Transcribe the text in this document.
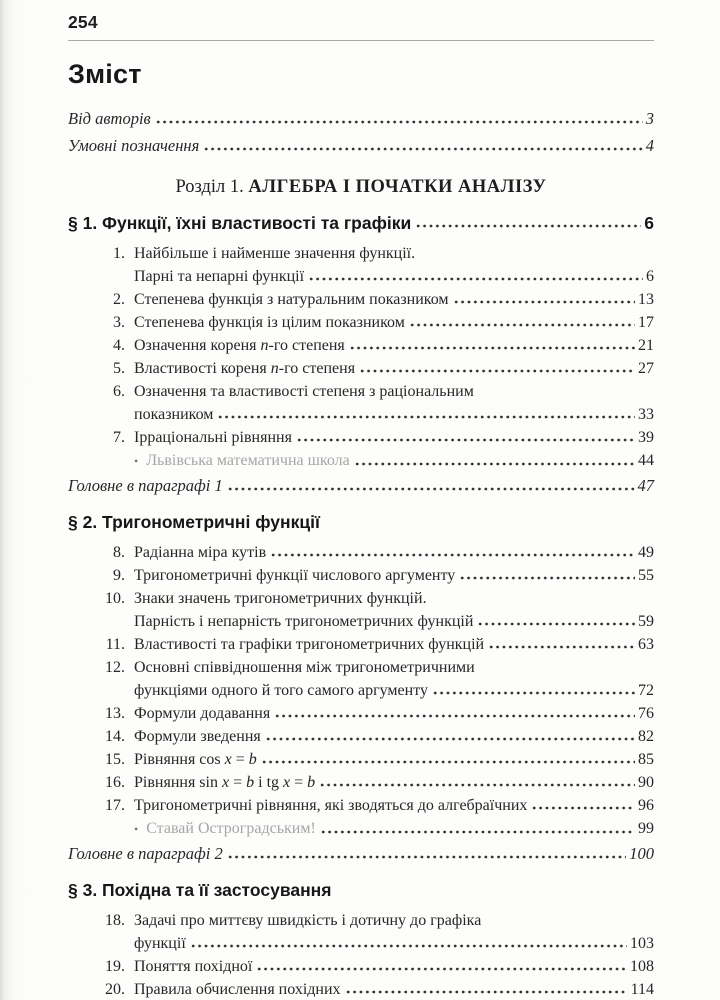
254
Зміст
Від авторів	3
Умовні позначення	4
Розділ 1. АЛГЕБРА І ПОЧАТКИ АНАЛІЗУ
§ 1. Функції, їхні властивості та графіки	6
1. Найбільше і найменше значення функції.
Парні та непарні функції	6
2. Степенева функція з натуральним показником	13
3. Степенева функція із цілим показником	17
4. Означення кореня n-го степеня	21
5. Властивості кореня n-го степеня	27
6. Означення та властивості степеня з раціональним
показником	33
7. Ірраціональні рівняння	39
• Львівська математична школа	44
Головне в параграфі 1	47
§ 2. Тригонометричні функції
8. Радіанна міра кутів	49
9. Тригонометричні функції числового аргументу	55
10. Знаки значень тригонометричних функцій.
Парність і непарність тригонометричних функцій	59
11. Властивості та графіки тригонометричних функцій	63
12. Основні співвідношення між тригонометричними
функціями одного й того самого аргументу	72
13. Формули додавання	76
14. Формули зведення	82
15. Рівняння cos x = b	85
16. Рівняння sin x = b і tg x = b	90
17. Тригонометричні рівняння, які зводяться до алгебраїчних	96
• Ставай Остроградським!	99
Головне в параграфі 2	100
§ 3. Похідна та її застосування
18. Задачі про миттєву швидкість і дотичну до графіка
функції	103
19. Поняття похідної	108
20. Правила обчислення похідних	114
